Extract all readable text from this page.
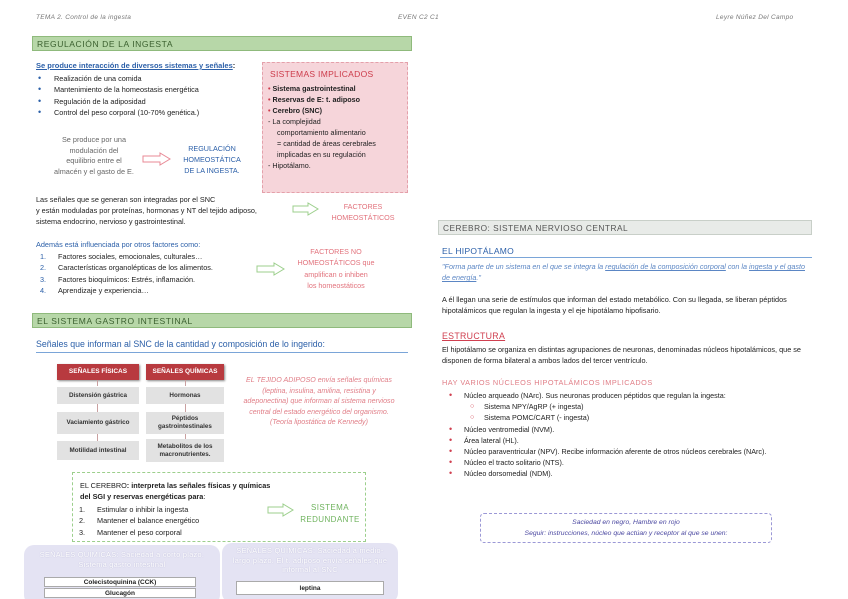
TEMA 2. Control de la ingesta	EVEN C2 C1	Leyre Núñez Del Campo
REGULACIÓN DE LA INGESTA
Se produce interacción de diversos sistemas y señales:
• Realización de una comida
• Mantenimiento de la homeostasis energética
• Regulación de la adiposidad
• Control del peso corporal (10-70% genética.)
SISTEMAS IMPLICADOS
• Sistema gastrointestinal
• Reservas de E: t. adiposo
• Cerebro (SNC)
- La complejidad
comportamiento alimentario
= cantidad de áreas cerebrales
implicadas en su regulación
- Hipotálamo.
Se produce por una
modulación del
equilibrio entre el
almacén y el gasto de E.
REGULACIÓN
HOMEOSTÁTICA
DE LA INGESTA.
Las señales que se generan son integradas por el SNC
y están moduladas por proteínas, hormonas y NT del tejido adiposo,
sistema endocrino, nervioso y gastrointestinal.
FACTORES
HOMEOSTÁTICOS
Además está influenciada por otros factores como:
1. Factores sociales, emocionales, culturales…
2. Características organolépticas de los alimentos.
3. Factores bioquímicos: Estrés, inflamación.
4. Aprendizaje y experiencia…
FACTORES NO
HOMEOSTÁTICOS que
amplifican o inhiben
los homeostáticos
EL SISTEMA GASTRO INTESTINAL
Señales que informan al SNC de la cantidad y composición de lo ingerido:
SEÑALES FÍSICAS
Distensión gástrica
Vaciamiento gástrico
Motilidad intestinal
SEÑALES QUÍMICAS
Hormonas
Péptidos gastrointestinales
Metabolitos de los macronutrientes.
EL TEJIDO ADIPOSO envía señales químicas (leptina, insulina, amilina, resistina y adeponectina) que informan al sistema nervioso central del estado energético del organismo. (Teoría lipostática de Kennedy)
EL CEREBRO: interpreta las señales físicas y químicas del SGI y reservas energéticas para:
1. Estimular o inhibir la ingesta
2. Mantener el balance energético
3. Mantener el peso corporal
SISTEMA
REDUNDANTE
SEÑALES QUÍMICAS: Saciedad a corto plazo. Sistema gastro intestinal
Colecistoquinina (CCK)
Glucagón
SEÑALES QUÍMICAS: Saciedad a medio-largo plazo. El t. adiposo envía señales que informal al SNC
leptina
CEREBRO: SISTEMA NERVIOSO CENTRAL
EL HIPOTÁLAMO
"Forma parte de un sistema en el que se integra la regulación de la composición corporal con la ingesta y el gasto de energía."
A él llegan una serie de estímulos que informan del estado metabólico. Con su llegada, se liberan péptidos hipotalámicos que regulan la ingesta y el eje hipotálamo hipofisario.
ESTRUCTURA
El hipotálamo se organiza en distintas agrupaciones de neuronas, denominadas núcleos hipotalámicos, que se disponen de forma bilateral a ambos lados del tercer ventrículo.
HAY VARIOS NÚCLEOS HIPOTALÁMICOS IMPLICADOS
• Núcleo arqueado (NArc). Sus neuronas producen péptidos que regulan la ingesta:
○ Sistema NPY/AgRP (+ ingesta)
○ Sistema POMC/CART (- ingesta)
• Núcleo ventromedial (NVM).
• Área lateral (HL).
• Núcleo paraventricular (NPV). Recibe información aferente de otros núcleos cerebrales (NArc).
• Núcleo el tracto solitario (NTS).
• Núcleo dorsomedial (NDM).
Saciedad en negro, Hambre en rojo
Seguir: instrucciones, núcleo que actúan y receptor al que se unen:
